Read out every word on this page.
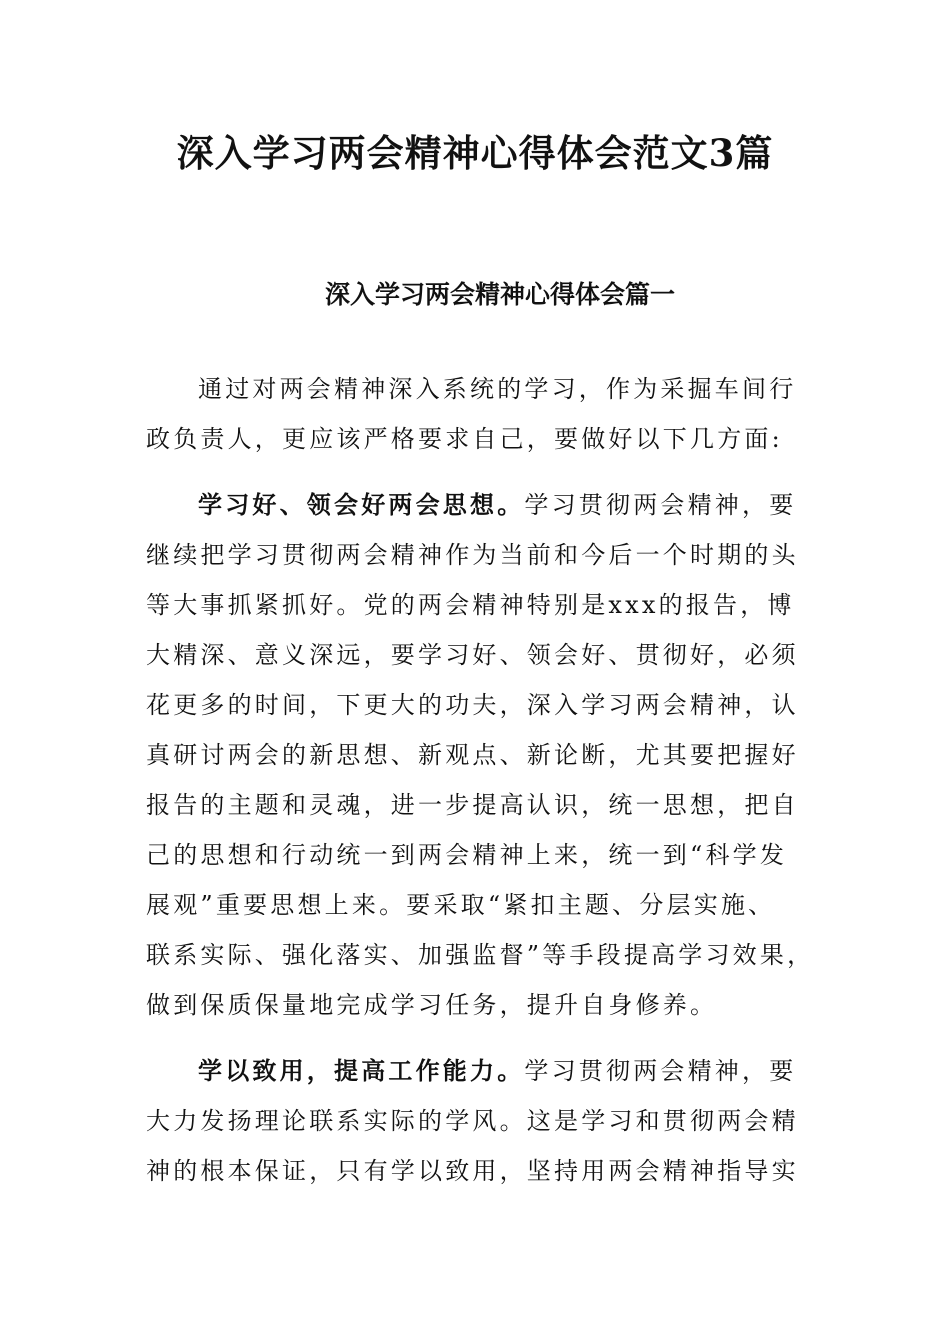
深入学习两会精神心得体会范文3篇
深入学习两会精神心得体会篇一
通过对两会精神深入系统的学习，作为采掘车间行
政负责人，更应该严格要求自己，要做好以下几方面:
学习好、领会好两会思想。学习贯彻两会精神，要
继续把学习贯彻两会精神作为当前和今后一个时期的头
等大事抓紧抓好。党的两会精神特别是xxx的报告，博
大精深、意义深远，要学习好、领会好、贯彻好，必须
花更多的时间，下更大的功夫，深入学习两会精神，认
真研讨两会的新思想、新观点、新论断，尤其要把握好
报告的主题和灵魂，进一步提高认识，统一思想，把自
己的思想和行动统一到两会精神上来，统一到“科学发
展观”重要思想上来。要采取“紧扣主题、分层实施、
联系实际、强化落实、加强监督”等手段提高学习效果，
做到保质保量地完成学习任务，提升自身修养。
学以致用，提高工作能力。学习贯彻两会精神，要
大力发扬理论联系实际的学风。这是学习和贯彻两会精
神的根本保证，只有学以致用，坚持用两会精神指导实
